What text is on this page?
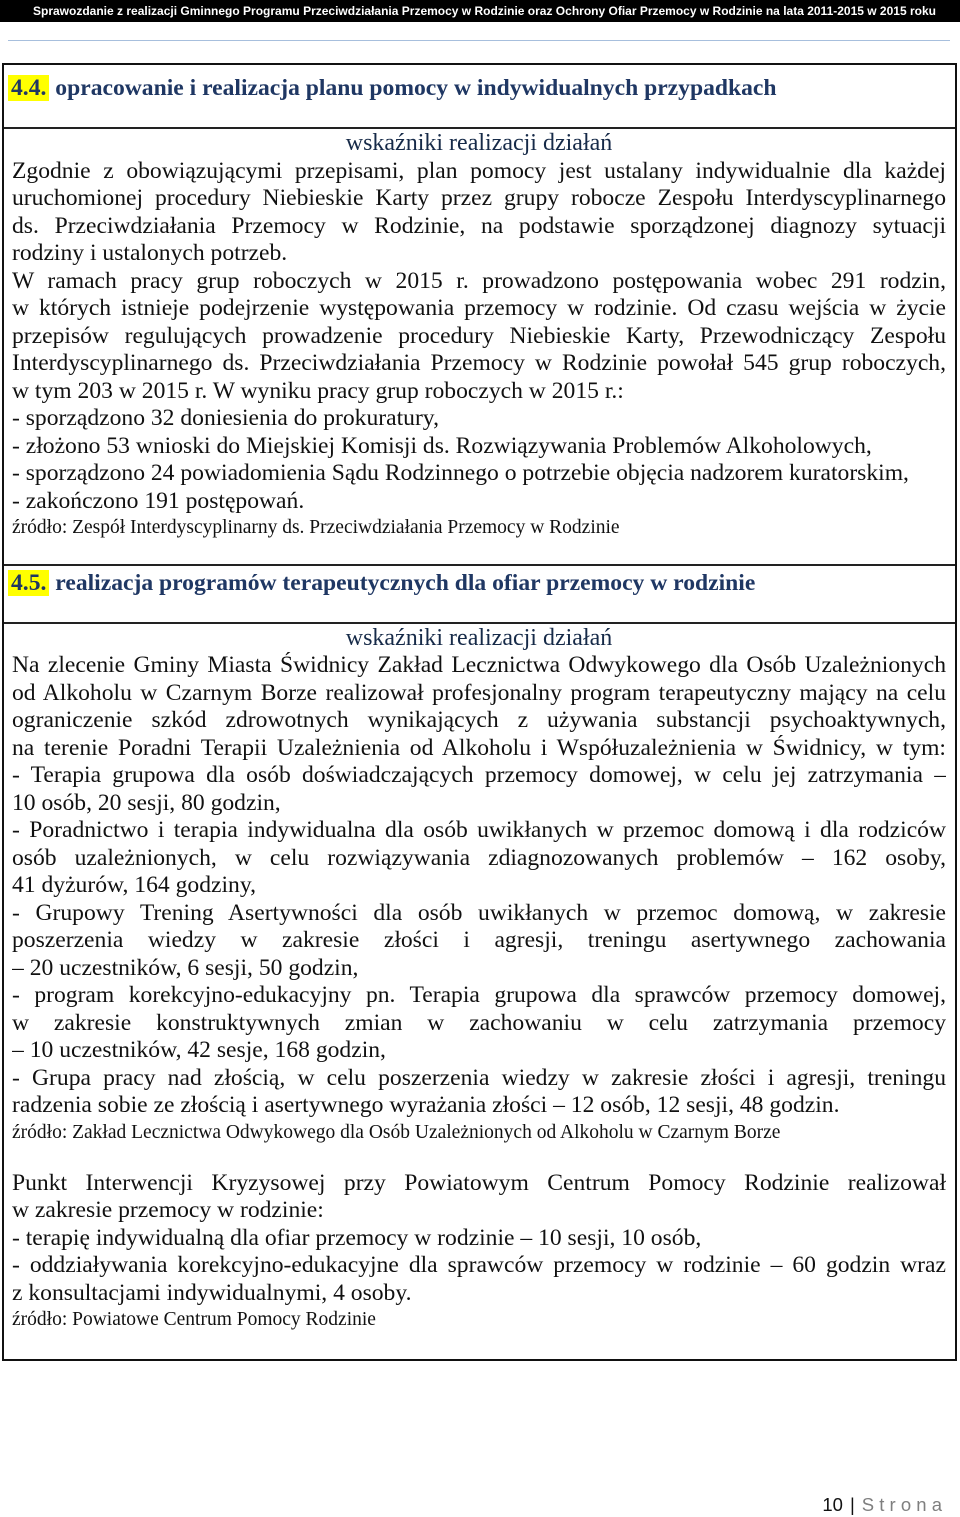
Sprawozdanie z realizacji Gminnego Programu Przeciwdziałania Przemocy w Rodzinie oraz Ochrony Ofiar Przemocy w Rodzinie na lata 2011-2015 w 2015 roku
4.4. opracowanie i realizacja planu pomocy w indywidualnych przypadkach
wskaźniki realizacji działań
Zgodnie z obowiązującymi przepisami, plan pomocy jest ustalany indywidualnie dla każdej
uruchomionej procedury Niebieskie Karty przez grupy robocze Zespołu Interdyscyplinarnego
ds. Przeciwdziałania Przemocy w Rodzinie, na podstawie sporządzonej diagnozy sytuacji
rodziny i ustalonych potrzeb.
W ramach pracy grup roboczych w 2015 r. prowadzono postępowania wobec 291 rodzin,
w których istnieje podejrzenie występowania przemocy w rodzinie. Od czasu wejścia w życie
przepisów regulujących prowadzenie procedury Niebieskie Karty, Przewodniczący Zespołu
Interdyscyplinarnego ds. Przeciwdziałania Przemocy w Rodzinie powołał 545 grup roboczych,
w tym 203 w 2015 r. W wyniku pracy grup roboczych w 2015 r.:
- sporządzono 32 doniesienia do prokuratury,
- złożono 53 wnioski do Miejskiej Komisji ds. Rozwiązywania Problemów Alkoholowych,
- sporządzono 24 powiadomienia Sądu Rodzinnego o potrzebie objęcia nadzorem kuratorskim,
- zakończono 191 postępowań.
źródło: Zespół Interdyscyplinarny ds. Przeciwdziałania Przemocy w Rodzinie
4.5. realizacja programów terapeutycznych dla ofiar przemocy w rodzinie
wskaźniki realizacji działań
Na zlecenie Gminy Miasta Świdnicy Zakład Lecznictwa Odwykowego dla Osób Uzależnionych
od Alkoholu w Czarnym Borze realizował profesjonalny program terapeutyczny mający na celu
ograniczenie szkód zdrowotnych wynikających z używania substancji psychoaktywnych,
na terenie Poradni Terapii Uzależnienia od Alkoholu i Współuzależnienia w Świdnicy, w tym:
- Terapia grupowa dla osób doświadczających przemocy domowej, w celu jej zatrzymania –
10 osób, 20 sesji, 80 godzin,
- Poradnictwo i terapia indywidualna dla osób uwikłanych w przemoc domową i dla rodziców
osób uzależnionych, w celu rozwiązywania zdiagnozowanych problemów – 162 osoby,
41 dyżurów, 164 godziny,
- Grupowy Trening Asertywności dla osób uwikłanych w przemoc domową, w zakresie
poszerzenia wiedzy w zakresie złości i agresji, treningu asertywnego zachowania
– 20 uczestników, 6 sesji, 50 godzin,
- program korekcyjno-edukacyjny pn. Terapia grupowa dla sprawców przemocy domowej,
w zakresie konstruktywnych zmian w zachowaniu w celu zatrzymania przemocy
– 10 uczestników, 42 sesje, 168 godzin,
- Grupa pracy nad złością, w celu poszerzenia wiedzy w zakresie złości i agresji, treningu
radzenia sobie ze złością i asertywnego wyrażania złości – 12 osób, 12 sesji, 48 godzin.
źródło: Zakład Lecznictwa Odwykowego dla Osób Uzależnionych od Alkoholu w Czarnym Borze
Punkt Interwencji Kryzysowej przy Powiatowym Centrum Pomocy Rodzinie realizował
w zakresie przemocy w rodzinie:
- terapię indywidualną dla ofiar przemocy w rodzinie – 10 sesji, 10 osób,
- oddziaływania korekcyjno-edukacyjne dla sprawców przemocy w rodzinie – 60 godzin wraz
z konsultacjami indywidualnymi, 4 osoby.
źródło: Powiatowe Centrum Pomocy Rodzinie
10 | S t r o n a
